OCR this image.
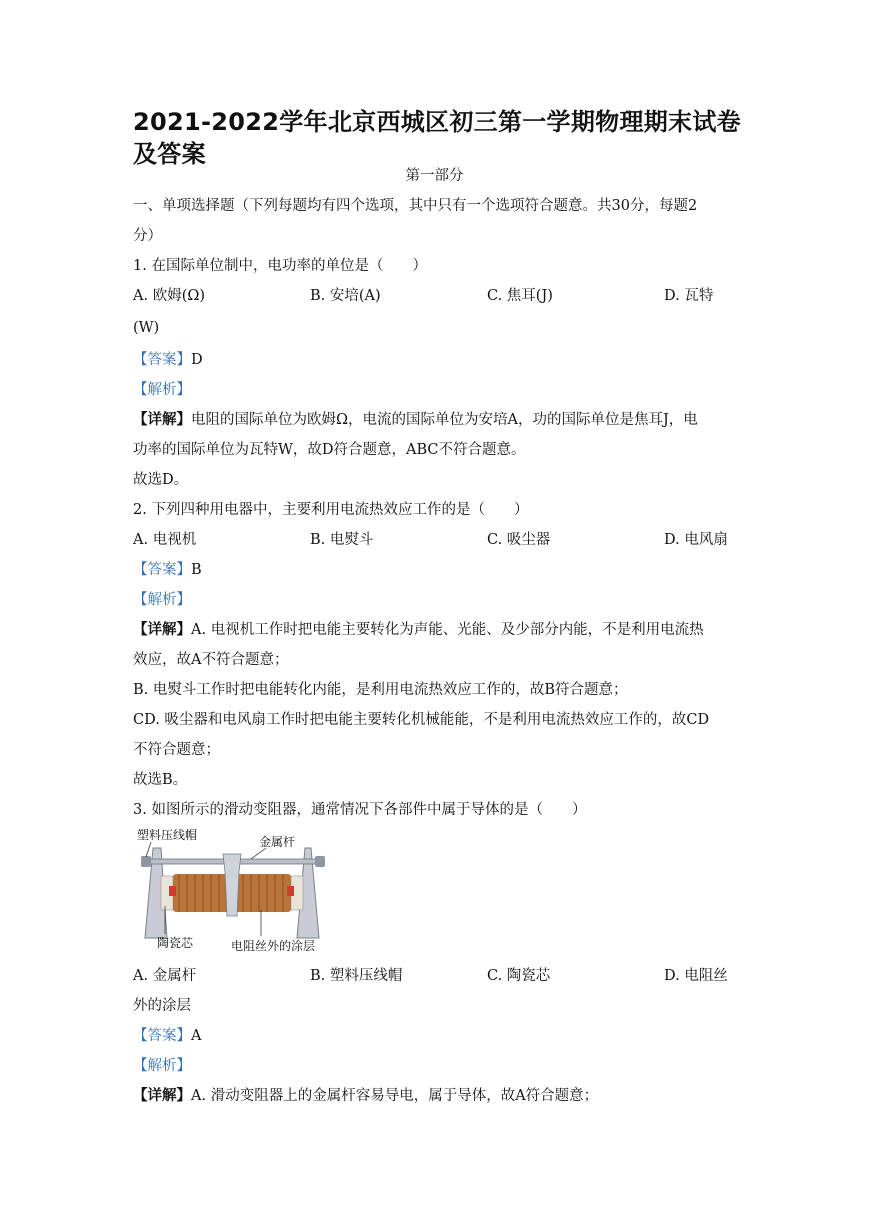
2021-2022学年北京西城区初三第一学期物理期末试卷及答案
第一部分
一、单项选择题（下列每题均有四个选项，其中只有一个选项符合题意。共30分，每题2
分）
1. 在国际单位制中，电功率的单位是（　　）
A. 欧姆(Ω)	B. 安培(A)	C. 焦耳(J)	D. 瓦特
(W)
【答案】D
【解析】
【详解】电阻的国际单位为欧姆Ω，电流的国际单位为安培A，功的国际单位是焦耳J，电
功率的国际单位为瓦特W，故D符合题意，ABC不符合题意。
故选D。
2. 下列四种用电器中，主要利用电流热效应工作的是（　　）
A. 电视机	B. 电熨斗	C. 吸尘器	D. 电风扇
【答案】B
【解析】
【详解】A. 电视机工作时把电能主要转化为声能、光能、及少部分内能，不是利用电流热
效应，故A不符合题意；
B. 电熨斗工作时把电能转化内能，是利用电流热效应工作的，故B符合题意；
CD. 吸尘器和电风扇工作时把电能主要转化机械能能，不是利用电流热效应工作的，故CD
不符合题意；
故选B。
3. 如图所示的滑动变阻器，通常情况下各部件中属于导体的是（　　）
塑料压线帽	金属杆
陶瓷芯	电阻丝外的涂层
A. 金属杆	B. 塑料压线帽	C. 陶瓷芯	D. 电阻丝
外的涂层
【答案】A
【解析】
【详解】A. 滑动变阻器上的金属杆容易导电，属于导体，故A符合题意；
